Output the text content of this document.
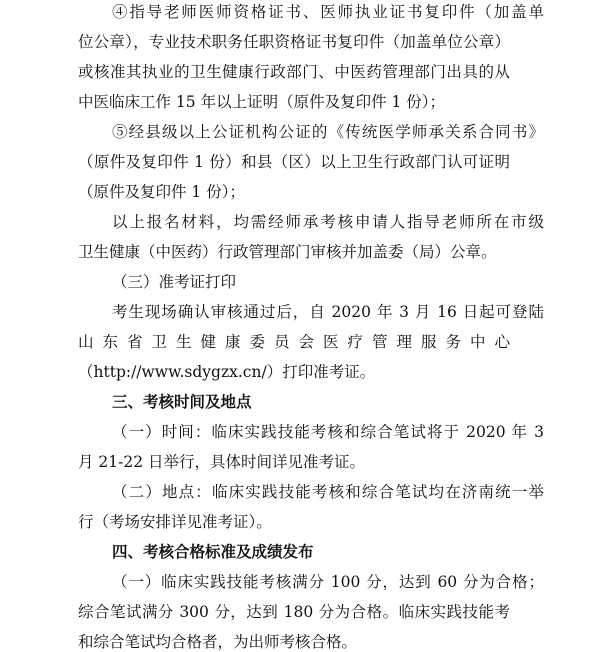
④指导老师医师资格证书、医师执业证书复印件（加盖单
位公章），专业技术职务任职资格证书复印件（加盖单位公章）
或核准其执业的卫生健康行政部门、中医药管理部门出具的从
中医临床工作 15 年以上证明（原件及复印件 1 份）；
⑤经县级以上公证机构公证的《传统医学师承关系合同书》
（原件及复印件 1 份）和县（区）以上卫生行政部门认可证明
（原件及复印件 1 份）；
以上报名材料，均需经师承考核申请人指导老师所在市级
卫生健康（中医药）行政管理部门审核并加盖委（局）公章。
（三）准考证打印
考生现场确认审核通过后，自 2020 年 3 月 16 日起可登陆
山东省卫生健康委员会医疗管理服务中心
（http://www.sdygzx.cn/）打印准考证。
三、考核时间及地点
（一）时间：临床实践技能考核和综合笔试将于 2020 年 3
月 21-22 日举行，具体时间详见准考证。
（二）地点：临床实践技能考核和综合笔试均在济南统一举
行（考场安排详见准考证）。
四、考核合格标准及成绩发布
（一）临床实践技能考核满分 100 分，达到 60 分为合格；
综合笔试满分 300 分，达到 180 分为合格。临床实践技能考
和综合笔试均合格者，为出师考核合格。
